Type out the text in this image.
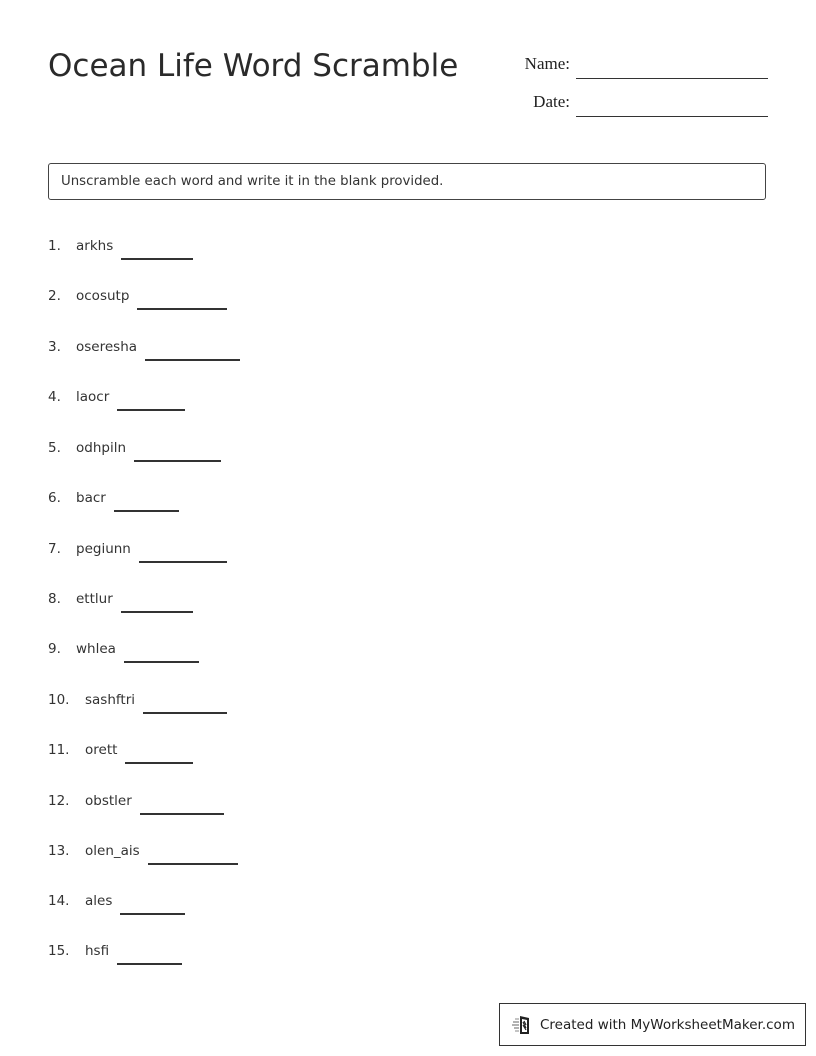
Ocean Life Word Scramble	Name:
Date:
Unscramble each word and write it in the blank provided.
1.	arkhs
2.	ocosutp
3.	oseresha
4.	laocr
5.	odhpiln
6.	bacr
7.	pegiunn
8.	ettlur
9.	whlea
10.	sashftri
11.	orett
12.	obstler
13.	olen_ais
14.	ales
15.	hsfi
Created with MyWorksheetMaker.com
